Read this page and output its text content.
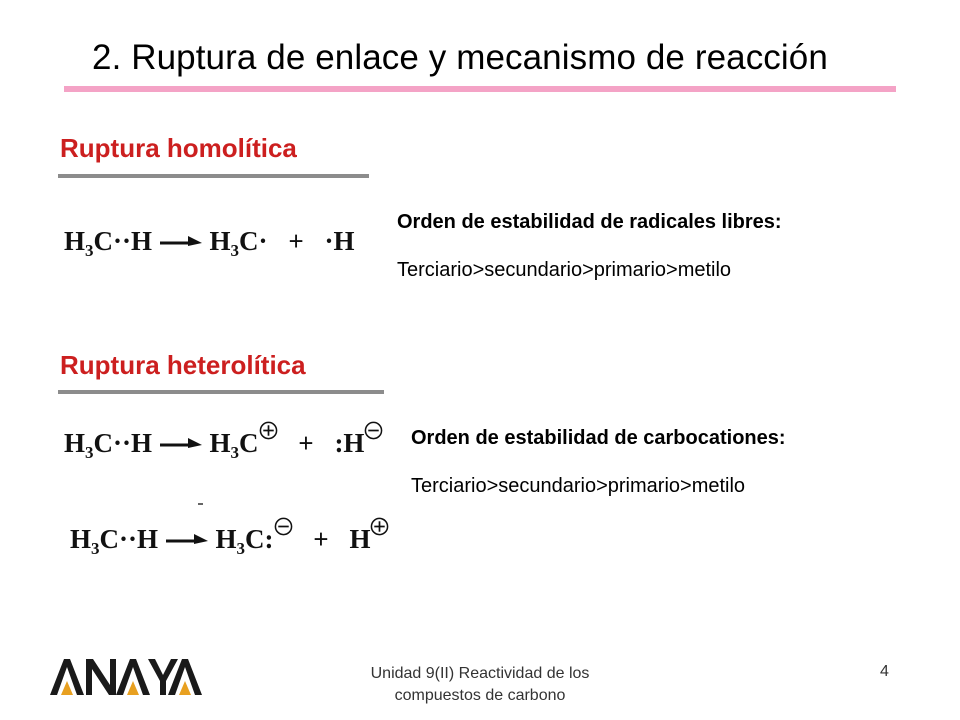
2. Ruptura de enlace y mecanismo de reacción
Ruptura homolítica
$H_3C\cdot\cdot H \to H_3C\cdot + \cdot H$
Orden de estabilidad de radicales libres:
Terciario>secundario>primario>metilo
Ruptura heterolítica
$H_3C\cdot\cdot H \to H_3C$ + :H
$H_3C\cdot\cdot H \to H_3C$: + H
Orden de estabilidad de carbocationes:
Terciario>secundario>primario>metilo
Unidad 9(II) Reactividad de los compuestos de carbono
4
